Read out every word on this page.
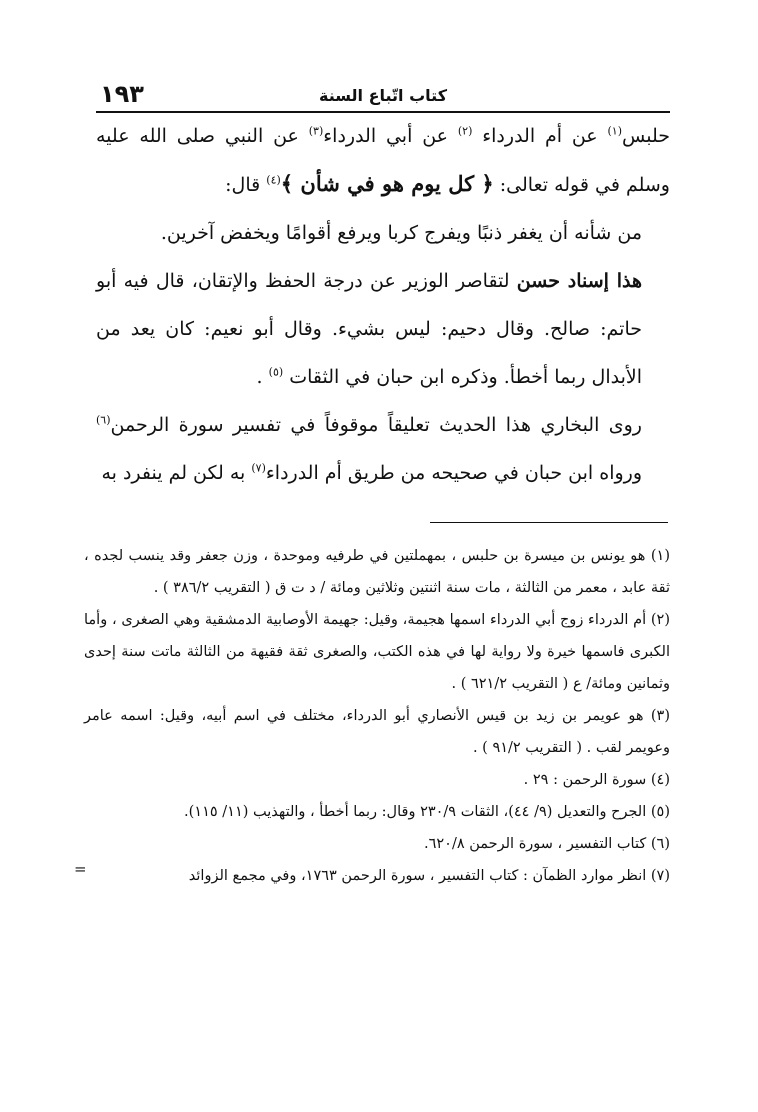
١٩٣	كتاب اتّباع السنة

حلبس$^{(١)}$ عن أم الدرداء $^{(٢)}$ عن أبي الدرداء$^{(٣)}$ عن النبي صلى الله عليه وسلم في قوله تعالى: ﴿ كل يوم هو في شأن ﴾$^{(٤)}$ قال:

من شأنه أن يغفر ذنبًا ويفرج كربا ويرفع أقوامًا ويخفض آخرين.

هذا إسناد حسن لتقاصر الوزير عن درجة الحفظ والإتقان، قال فيه أبو حاتم: صالح. وقال دحيم: ليس بشيء. وقال أبو نعيم: كان يعد من الأبدال ربما أخطأ. وذكره ابن حبان في الثقات $^{(٥)}$ .

روى البخاري هذا الحديث تعليقاً موقوفاً في تفسير سورة الرحمن$^{(٦)}$ ورواه ابن حبان في صحيحه من طريق أم الدرداء$^{(٧)}$ به لكن لم ينفرد به

(١) هو يونس بن ميسرة بن حلبس ، بمهملتين في طرفيه وموحدة ، وزن جعفر وقد ينسب لجده ، ثقة عابد ، معمر من الثالثة ، مات سنة اثنتين وثلاثين ومائة / د ت ق ( التقريب ٣٨٦/٢ ) .

(٢) أم الدرداء زوج أبي الدرداء اسمها هجيمة، وقيل: جهيمة الأوصابية الدمشقية وهي الصغرى ، وأما الكبرى فاسمها خيرة ولا رواية لها في هذه الكتب، والصغرى ثقة فقيهة من الثالثة ماتت سنة إحدى وثمانين ومائة/ ع ( التقريب ٦٢١/٢ ) .

(٣) هو عويمر بن زيد بن قيس الأنصاري أبو الدرداء، مختلف في اسم أبيه، وقيل: اسمه عامر وعويمر لقب . ( التقريب ٩١/٢ ) .

(٤) سورة الرحمن : ٢٩ .

(٥) الجرح والتعديل (٩/ ٤٤)، الثقات ٢٣٠/٩ وقال: ربما أخطأ ، والتهذيب (١١/ ١١٥).

(٦) كتاب التفسير ، سورة الرحمن ٦٢٠/٨.

(٧) انظر موارد الظمآن : كتاب التفسير ، سورة الرحمن ١٧٦٣، وفي مجمع الزوائد

=
